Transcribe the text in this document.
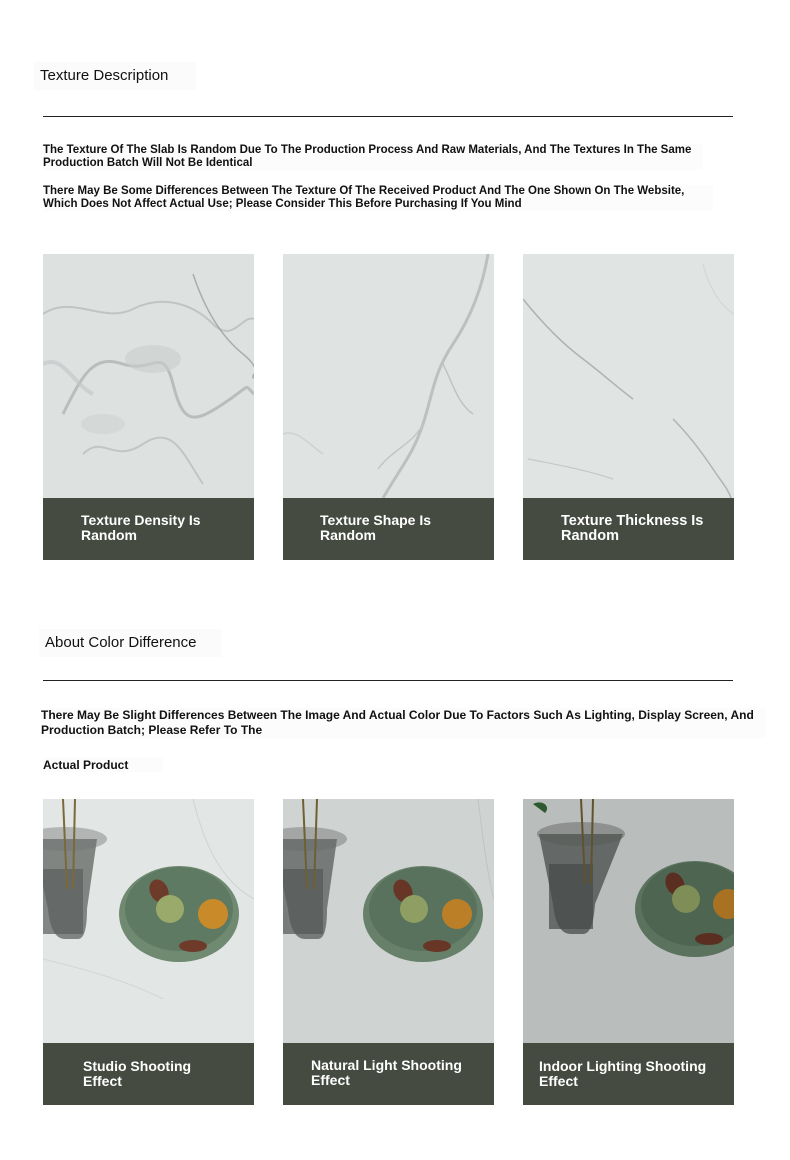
Texture Description
The Texture Of The Slab Is Random Due To The Production Process And Raw Materials, And The Textures In The Same Production Batch Will Not Be Identical
There May Be Some Differences Between The Texture Of The Received Product And The One Shown On The Website, Which Does Not Affect Actual Use; Please Consider This Before Purchasing If You Mind
Texture Density Is Random
Texture Shape Is Random
Texture Thickness Is Random
About Color Difference
There May Be Slight Differences Between The Image And Actual Color Due To Factors Such As Lighting, Display Screen, And Production Batch; Please Refer To The
Actual Product
Studio Shooting Effect
Natural Light Shooting Effect
Indoor Lighting Shooting Effect
